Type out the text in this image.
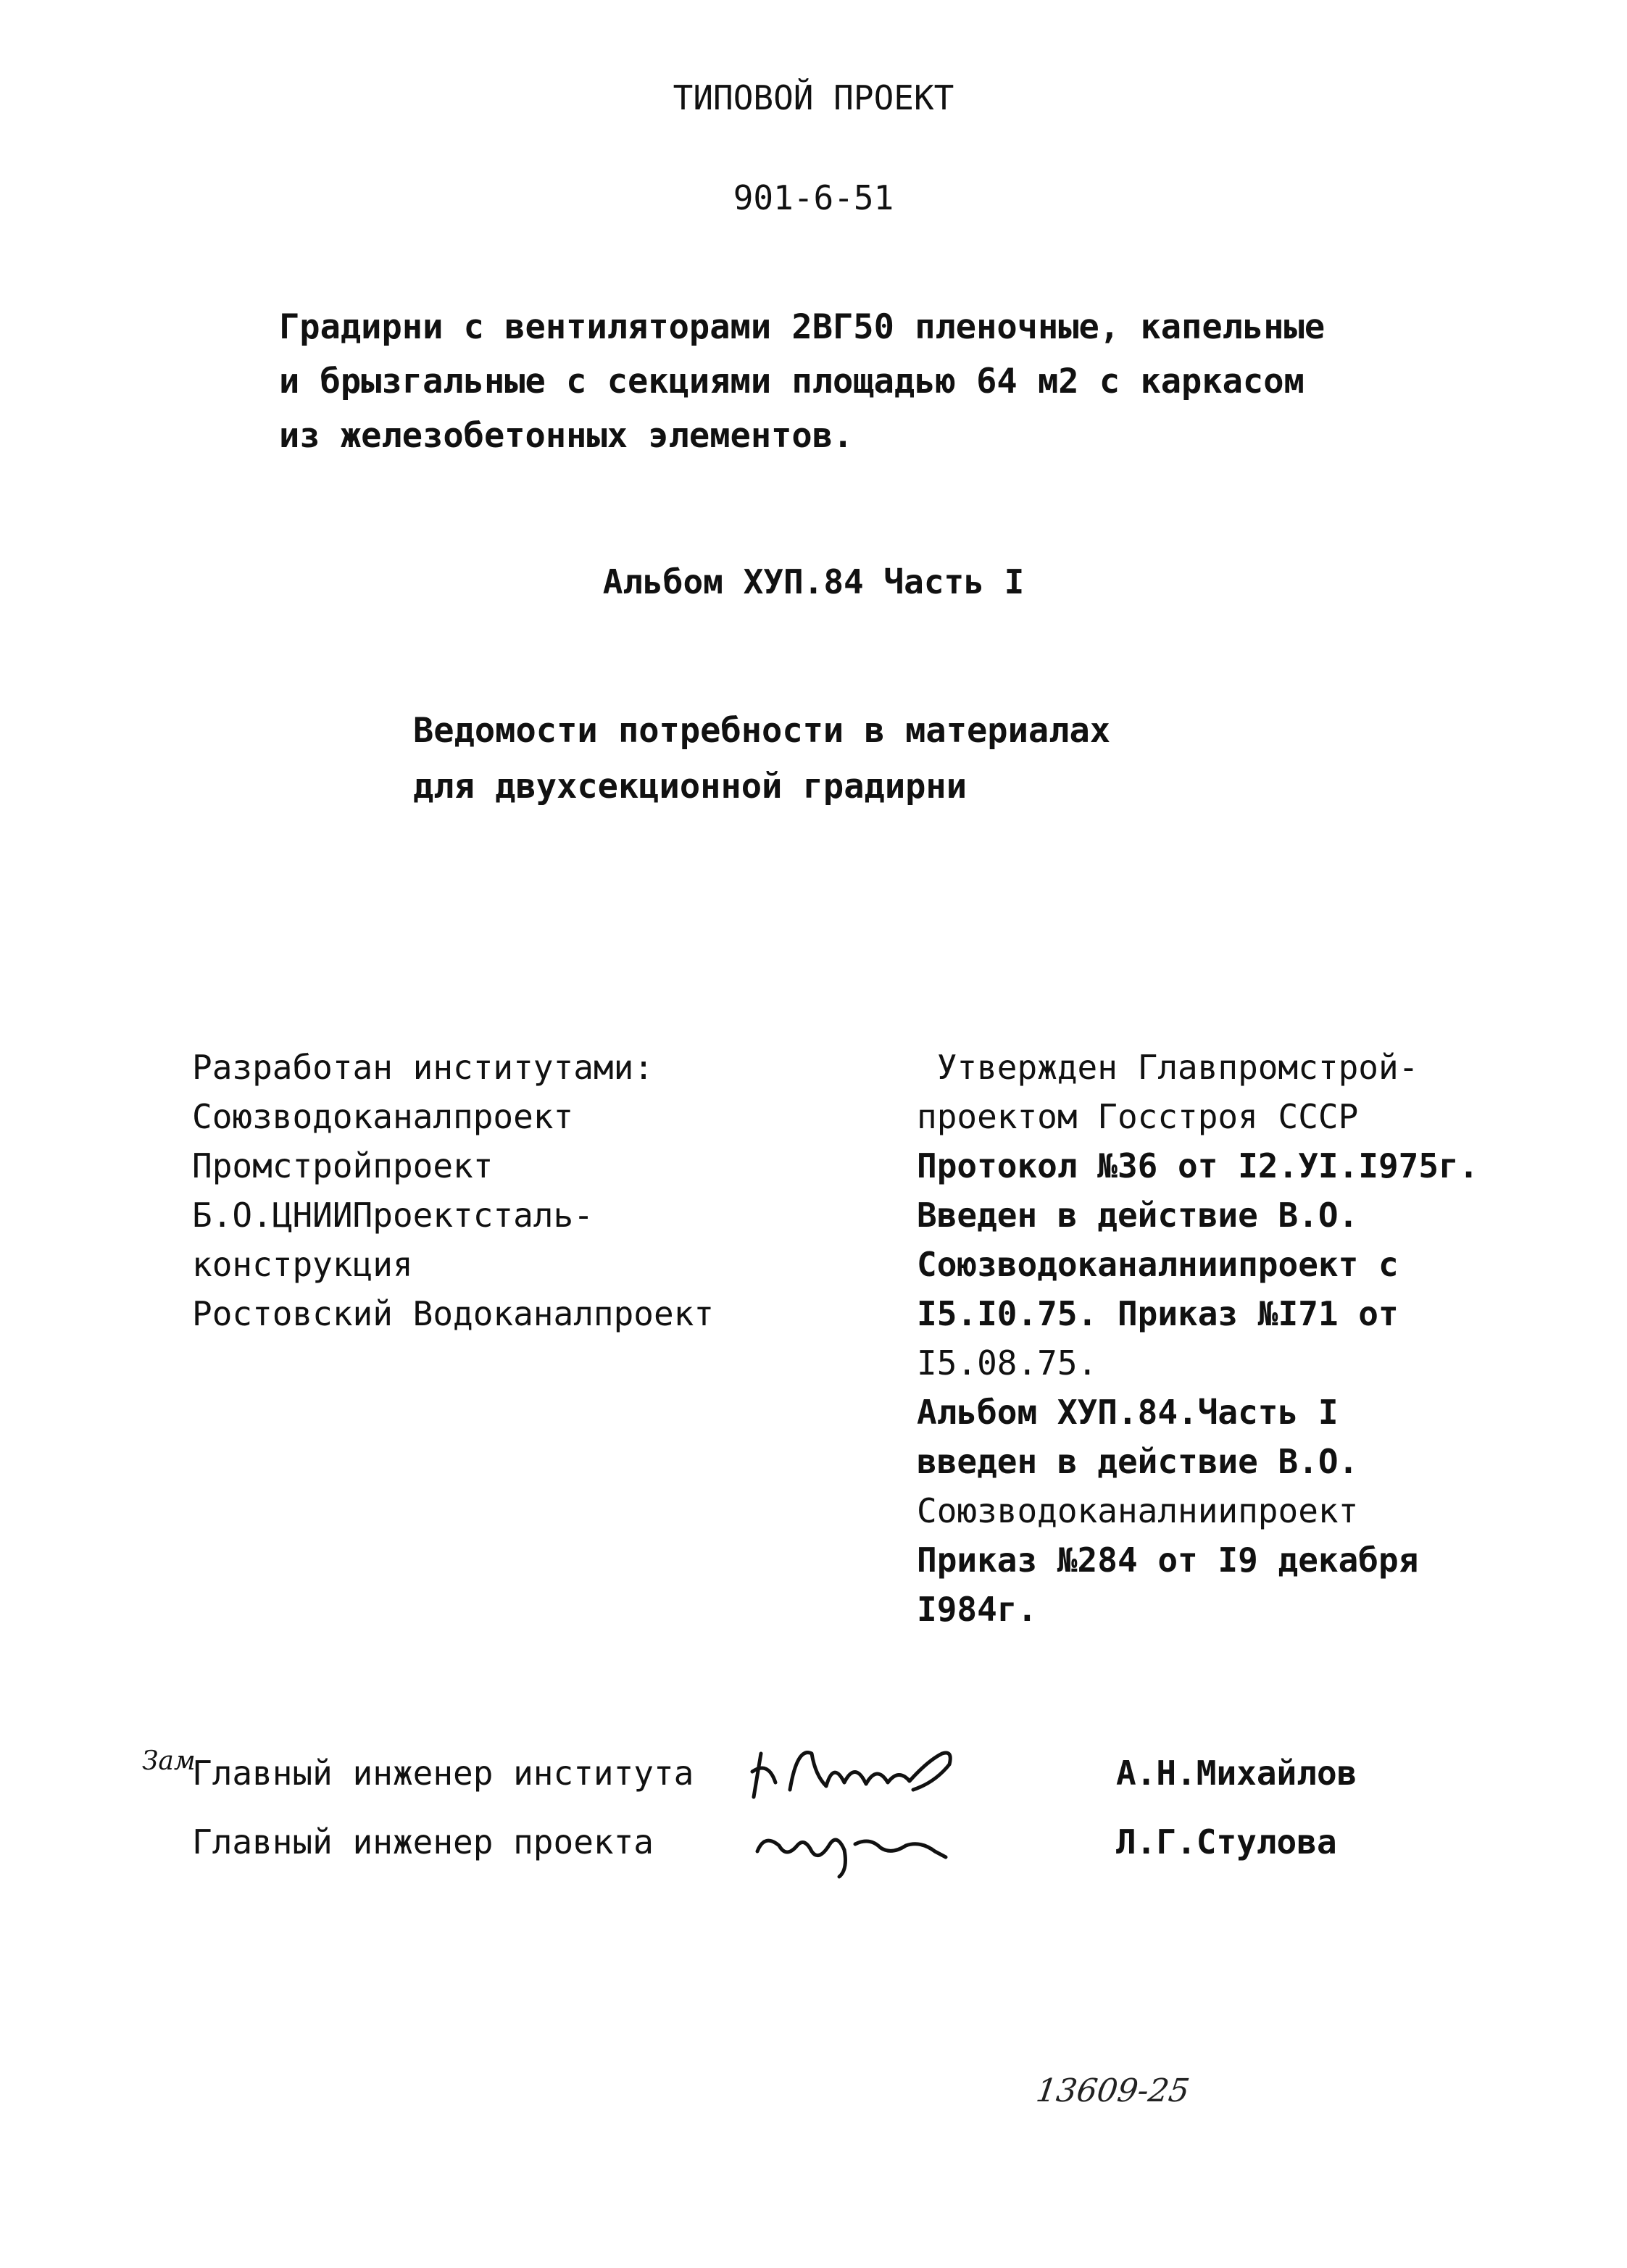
ТИПОВОЙ ПРОЕКТ
901-6-51
Градирни с вентиляторами 2ВГ50 пленочные, капельные
и брызгальные с секциями площадью 64 м2 с каркасом
из железобетонных элементов.
Альбом ХУП.84 Часть I
Ведомости потребности в материалах
для двухсекционной градирни
Разработан институтами:
Союзводоканалпроект
Промстройпроект
Б.О.ЦНИИПроектсталь-
конструкция
Ростовский Водоканалпроект
Утвержден Главпромстрой-
проектом Госстроя СССР
Протокол №36 от I2.УI.I975г.
Введен в действие В.О.
Союзводоканалниипроект с
I5.I0.75. Приказ №I71 от
I5.08.75.
Альбом ХУП.84.Часть I
введен в действие В.О.
Союзводоканалниипроект
Приказ №284 от I9 декабря
I984г.
Зам
Главный инженер института	А.Н.Михайлов
Главный инженер проекта	Л.Г.Стулова
13609-25
